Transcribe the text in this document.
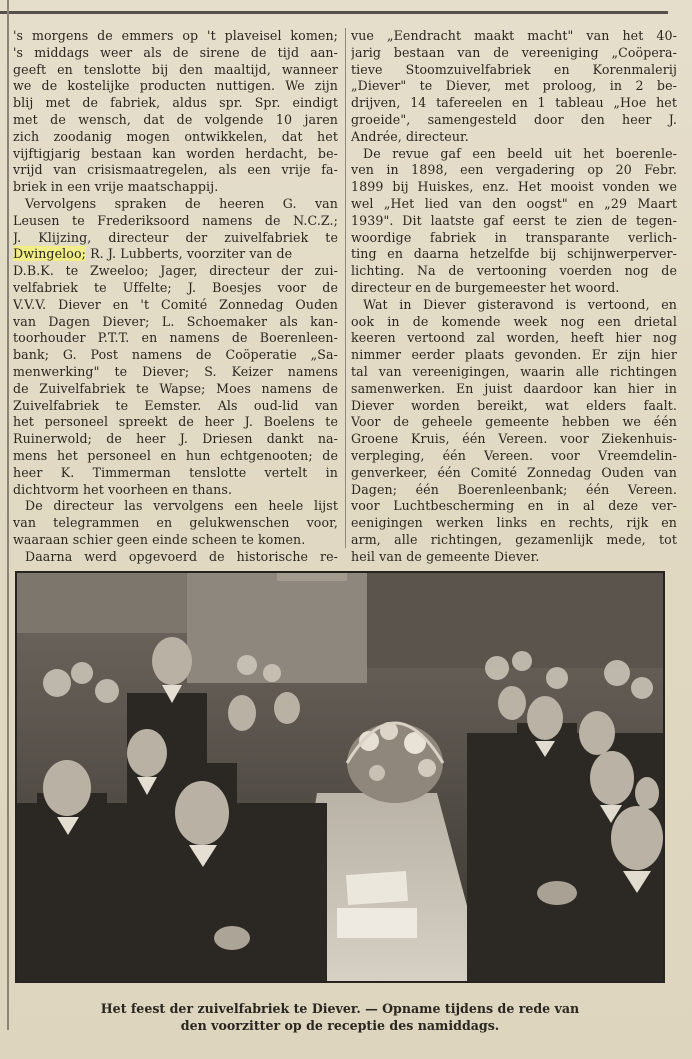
's morgens de emmers op 't plaveisel komen;
's middags weer als de sirene de tijd aan-
geeft en tenslotte bij den maaltijd, wanneer
we de kostelijke producten nuttigen. We zijn
blij met de fabriek, aldus spr. Spr. eindigt
met de wensch, dat de volgende 10 jaren
zich zoodanig mogen ontwikkelen, dat het
vijftigjarig bestaan kan worden herdacht, be-
vrijd van crisismaatregelen, als een vrije fa-
briek in een vrije maatschappij.
Vervolgens spraken de heeren G. van
Leusen te Frederiksoord namens de N.C.Z.;
J. Klijzing, directeur der zuivelfabriek te
Dwingeloo; R. J. Lubberts, voorziter van de
D.B.K. te Zweeloo; Jager, directeur der zui-
velfabriek te Uffelte; J. Boesjes voor de
V.V.V. Diever en 't Comité Zonnedag Ouden
van Dagen Diever; L. Schoemaker als kan-
toorhouder P.T.T. en namens de Boerenleen-
bank; G. Post namens de Coöperatie „Sa-
menwerking" te Diever; S. Keizer namens
de Zuivelfabriek te Wapse; Moes namens de
Zuivelfabriek te Eemster. Als oud-lid van
het personeel spreekt de heer J. Boelens te
Ruinerwold; de heer J. Driesen dankt na-
mens het personeel en hun echtgenooten; de
heer K. Timmerman tenslotte vertelt in
dichtvorm het voorheen en thans.
De directeur las vervolgens een heele lijst
van telegrammen en gelukwenschen voor,
waaraan schier geen einde scheen te komen.
Daarna werd opgevoerd de historische re-
vue „Eendracht maakt macht" van het 40-
jarig bestaan van de vereeniging „Coöpera-
tieve Stoomzuivelfabriek en Korenmalerij
„Diever" te Diever, met proloog, in 2 be-
drijven, 14 tafereelen en 1 tableau „Hoe het
groeide", samengesteld door den heer J.
Andrée, directeur.
De revue gaf een beeld uit het boerenle-
ven in 1898, een vergadering op 20 Febr.
1899 bij Huiskes, enz. Het mooist vonden we
wel „Het lied van den oogst" en „29 Maart
1939". Dit laatste gaf eerst te zien de tegen-
woordige fabriek in transparante verlich-
ting en daarna hetzelfde bij schijnwerperver-
lichting. Na de vertooning voerden nog de
directeur en de burgemeester het woord.
Wat in Diever gisteravond is vertoond, en
ook in de komende week nog een drietal
keeren vertoond zal worden, heeft hier nog
nimmer eerder plaats gevonden. Er zijn hier
tal van vereenigingen, waarin alle richtingen
samenwerken. En juist daardoor kan hier in
Diever worden bereikt, wat elders faalt.
Voor de geheele gemeente hebben we één
Groene Kruis, één Vereen. voor Ziekenhuis-
verpleging, één Vereen. voor Vreemdelin-
genverkeer, één Comité Zonnedag Ouden van
Dagen; één Boerenleenbank; één Vereen.
voor Luchtbescherming en in al deze ver-
eenigingen werken links en rechts, rijk en
arm, alle richtingen, gezamenlijk mede, tot
heil van de gemeente Diever.
Het feest der zuivelfabriek te Diever. — Opname tijdens de rede van
den voorzitter op de receptie des namiddags.
